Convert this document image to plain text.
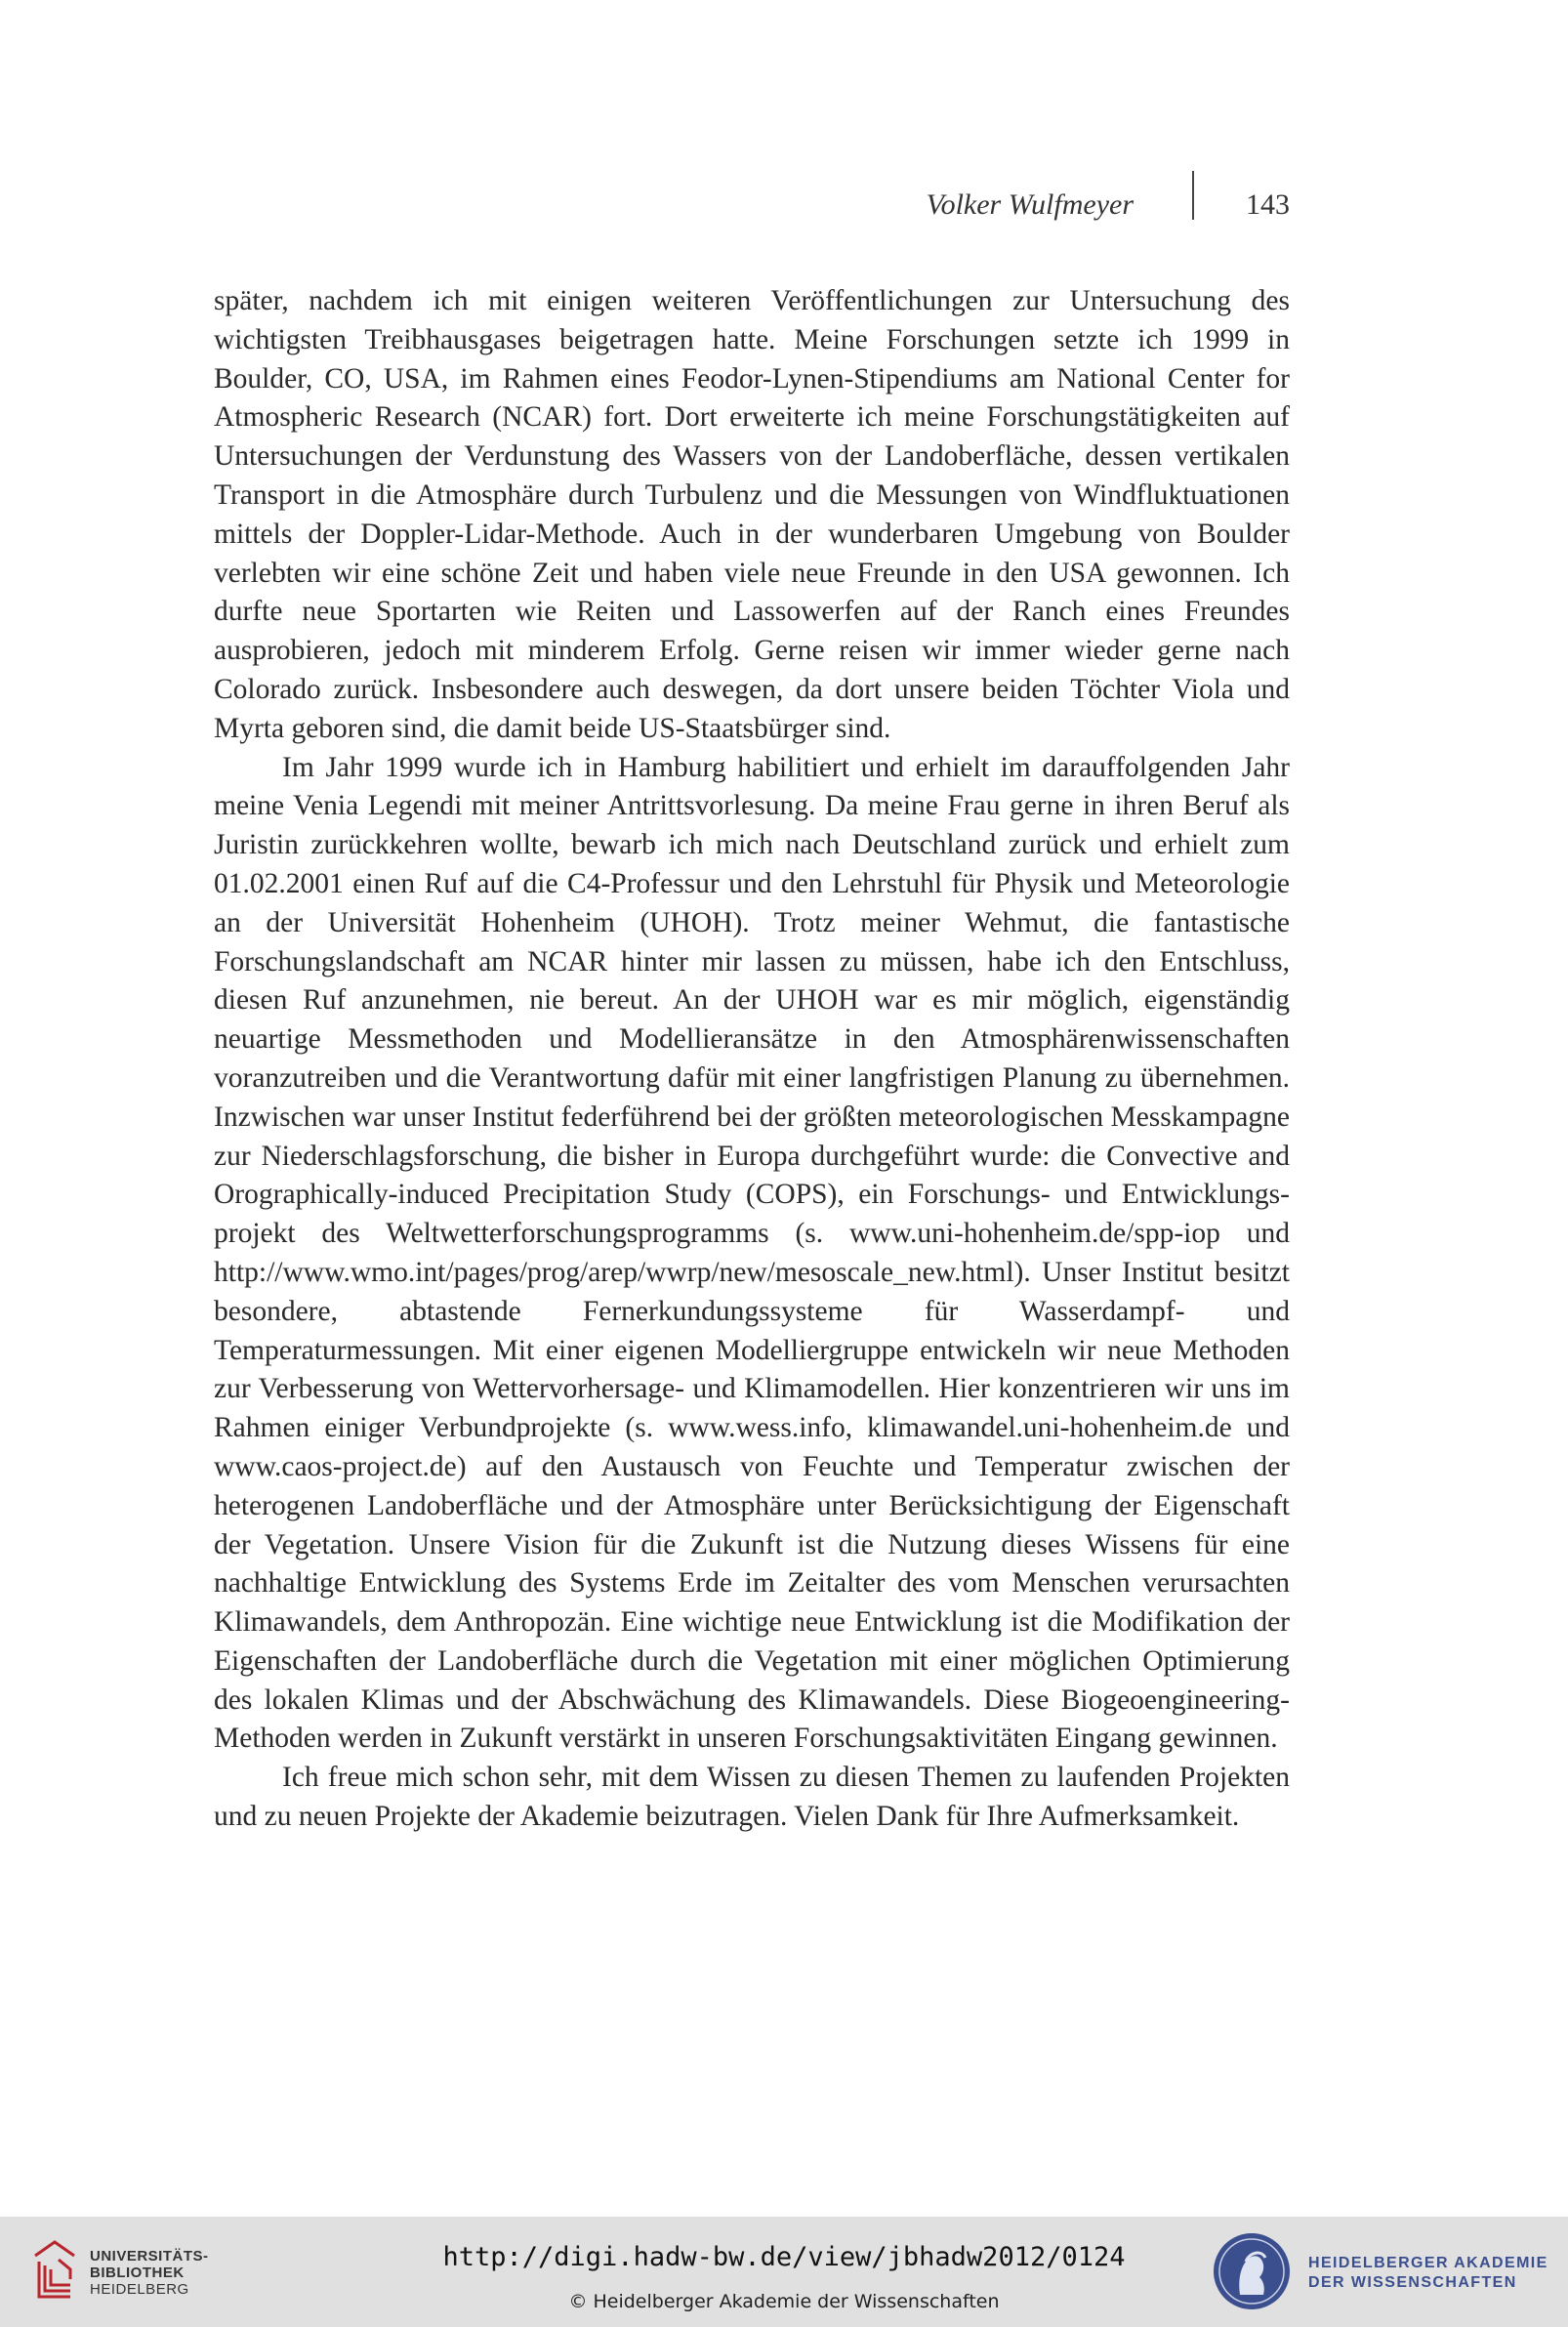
Volker Wulfmeyer	143

später, nachdem ich mit einigen weiteren Veröffentlichungen zur Untersuchung des wichtigsten Treibhausgases beigetragen hatte. Meine Forschungen setzte ich 1999 in Boulder, CO, USA, im Rahmen eines Feodor-Lynen-Stipendiums am National Center for Atmospheric Research (NCAR) fort. Dort erweiterte ich meine Forschungstätigkeiten auf Untersuchungen der Verdunstung des Wassers von der Landoberfläche, dessen vertikalen Transport in die Atmosphäre durch Turbulenz und die Messungen von Windfluktuationen mittels der Doppler-Lidar-Methode. Auch in der wunderbaren Umgebung von Boulder verlebten wir eine schöne Zeit und haben viele neue Freunde in den USA gewonnen. Ich durfte neue Sportarten wie Reiten und Lassowerfen auf der Ranch eines Freundes ausprobieren, jedoch mit minderem Erfolg. Gerne reisen wir immer wieder gerne nach Colorado zurück. Insbesondere auch deswegen, da dort unsere beiden Töchter Viola und Myrta geboren sind, die damit beide US-Staatsbürger sind.

Im Jahr 1999 wurde ich in Hamburg habilitiert und erhielt im darauffolgenden Jahr meine Venia Legendi mit meiner Antrittsvorlesung. Da meine Frau gerne in ihren Beruf als Juristin zurückkehren wollte, bewarb ich mich nach Deutschland zurück und erhielt zum 01.02.2001 einen Ruf auf die C4-Professur und den Lehrstuhl für Physik und Meteorologie an der Universität Hohenheim (UHOH). Trotz meiner Wehmut, die fantastische Forschungslandschaft am NCAR hinter mir lassen zu müssen, habe ich den Entschluss, diesen Ruf anzunehmen, nie bereut. An der UHOH war es mir möglich, eigenständig neuartige Messmethoden und Modellieransätze in den Atmosphärenwissenschaften voranzutreiben und die Verantwortung dafür mit einer langfristigen Planung zu übernehmen. Inzwischen war unser Institut federführend bei der größten meteorologischen Messkampagne zur Niederschlagsforschung, die bisher in Europa durchgeführt wurde: die Convective and Orographically-induced Precipitation Study (COPS), ein Forschungs- und Entwicklungsprojekt des Weltwetterforschungsprogramms (s. www.uni-hohenheim.de/spp-iop und http://www.wmo.int/pages/prog/arep/wwrp/new/mesoscale_new.html). Unser Institut besitzt besondere, abtastende Fernerkundungssysteme für Wasserdampf- und Temperaturmessungen. Mit einer eigenen Modelliergruppe entwickeln wir neue Methoden zur Verbesserung von Wettervorhersage- und Klimamodellen. Hier konzentrieren wir uns im Rahmen einiger Verbundprojekte (s. www.wess.info, klimawandel.uni-hohenheim.de und www.caos-project.de) auf den Austausch von Feuchte und Temperatur zwischen der heterogenen Landoberfläche und der Atmosphäre unter Berücksichtigung der Eigenschaft der Vegetation. Unsere Vision für die Zukunft ist die Nutzung dieses Wissens für eine nachhaltige Entwicklung des Systems Erde im Zeitalter des vom Menschen verursachten Klimawandels, dem Anthropozän. Eine wichtige neue Entwicklung ist die Modifikation der Eigenschaften der Landoberfläche durch die Vegetation mit einer möglichen Optimierung des lokalen Klimas und der Abschwächung des Klimawandels. Diese Biogeoengineering-Methoden werden in Zukunft verstärkt in unseren Forschungsaktivitäten Eingang gewinnen.

Ich freue mich schon sehr, mit dem Wissen zu diesen Themen zu laufenden Projekten und zu neuen Projekte der Akademie beizutragen. Vielen Dank für Ihre Aufmerksamkeit.

UNIVERSITÄTS-
BIBLIOTHEK
HEIDELBERG
http://digi.hadw-bw.de/view/jbhadw2012/0124
© Heidelberger Akademie der Wissenschaften
HEIDELBERGER AKADEMIE
DER WISSENSCHAFTEN
